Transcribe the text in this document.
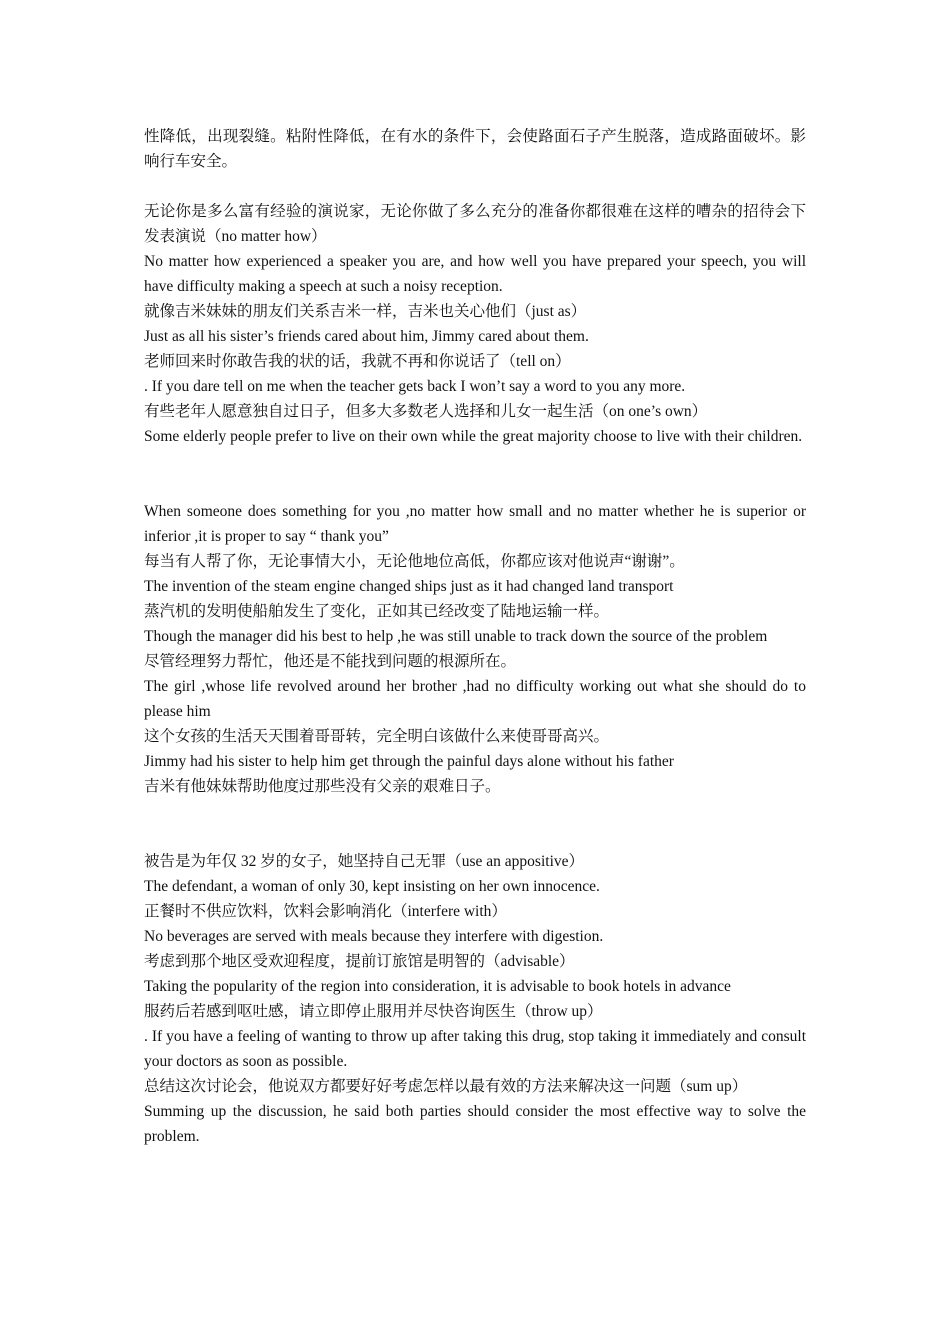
性降低，出现裂缝。粘附性降低，在有水的条件下，会使路面石子产生脱落，造成路面破坏。影响行车安全。

无论你是多么富有经验的演说家，无论你做了多么充分的准备你都很难在这样的嘈杂的招待会下发表演说（no matter how）

No matter how experienced a speaker you are, and how well you have prepared your speech, you will have difficulty making a speech at such a noisy reception.

就像吉米妹妹的朋友们关系吉米一样，吉米也关心他们（just as）

Just as all his sister’s friends cared about him, Jimmy cared about them.

老师回来时你敢告我的状的话，我就不再和你说话了（tell on）

. If you dare tell on me when the teacher gets back I won’t say a word to you any more.

有些老年人愿意独自过日子，但多大多数老人选择和儿女一起生活（on one’s own）

Some elderly people prefer to live on their own while the great majority choose to live with their children.

When someone does something for you ,no matter how small and no matter whether he is superior or inferior ,it is proper to say “ thank you”

每当有人帮了你，无论事情大小，无论他地位高低，你都应该对他说声“谢谢”。

The invention of the steam engine changed ships just as it had changed land transport

蒸汽机的发明使船舶发生了变化，正如其已经改变了陆地运输一样。

Though the manager did his best to help ,he was still unable to track down the source of the problem

尽管经理努力帮忙，他还是不能找到问题的根源所在。

The girl ,whose life revolved around her brother ,had no difficulty working out what she should do to please him

这个女孩的生活天天围着哥哥转，完全明白该做什么来使哥哥高兴。

Jimmy had his sister to help him get through the painful days alone without his father

吉米有他妹妹帮助他度过那些没有父亲的艰难日子。

被告是为年仅 32 岁的女子，她坚持自己无罪（use an appositive）

The defendant, a woman of only 30, kept insisting on her own innocence.

正餐时不供应饮料，饮料会影响消化（interfere with）

No beverages are served with meals because they interfere with digestion.

考虑到那个地区受欢迎程度，提前订旅馆是明智的（advisable）

Taking the popularity of the region into consideration, it is advisable to book hotels in advance

服药后若感到呕吐感，请立即停止服用并尽快咨询医生（throw up）

. If you have a feeling of wanting to throw up after taking this drug, stop taking it immediately and consult your doctors as soon as possible.

总结这次讨论会，他说双方都要好好考虑怎样以最有效的方法来解决这一问题（sum up）

Summing up the discussion, he said both parties should consider the most effective way to solve the problem.
